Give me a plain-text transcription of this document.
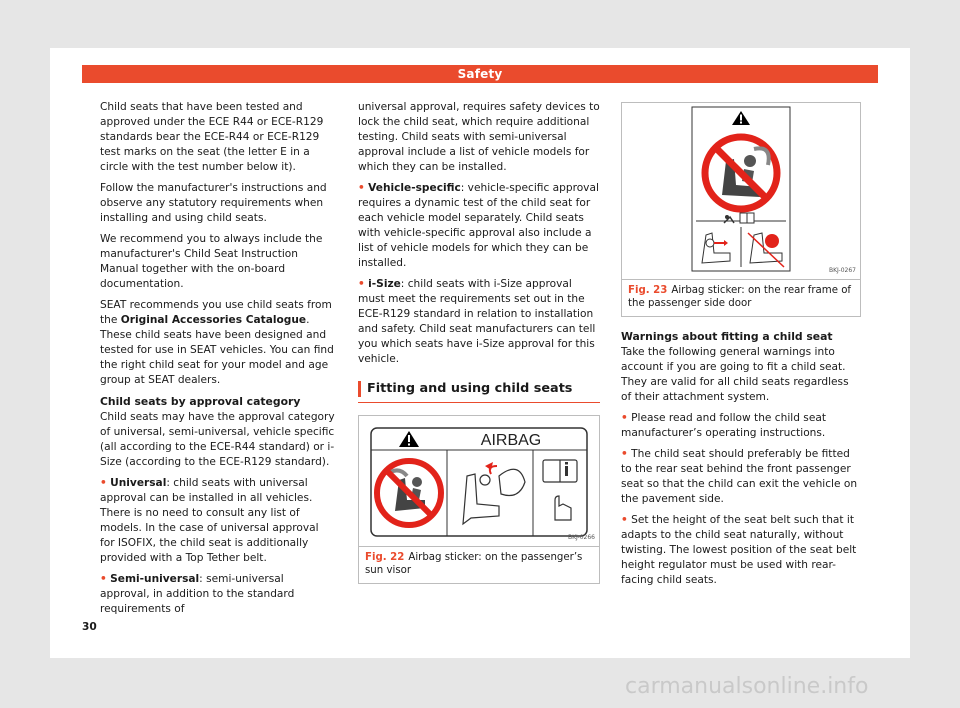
Safety

Child seats that have been tested and approved under the ECE R44 or ECE-R129 standards bear the ECE-R44 or ECE-R129 test marks on the seat (the letter E in a circle with the test number below it).

Follow the manufacturer's instructions and observe any statutory requirements when installing and using child seats.

We recommend you to always include the manufacturer's Child Seat Instruction Manual together with the on-board documentation.

SEAT recommends you use child seats from the Original Accessories Catalogue. These child seats have been designed and tested for use in SEAT vehicles. You can find the right child seat for your model and age group at SEAT dealers.

Child seats by approval category

Child seats may have the approval category of universal, semi-universal, vehicle specific (all according to the ECE-R44 standard) or i-Size (according to the ECE-R129 standard).

• Universal: child seats with universal approval can be installed in all vehicles. There is no need to consult any list of models. In the case of universal approval for ISOFIX, the child seat is additionally provided with a Top Tether belt.

• Semi-universal: semi-universal approval, in addition to the standard requirements of

universal approval, requires safety devices to lock the child seat, which require additional testing. Child seats with semi-universal approval include a list of vehicle models for which they can be installed.

• Vehicle-specific: vehicle-specific approval requires a dynamic test of the child seat for each vehicle model separately. Child seats with vehicle-specific approval also include a list of vehicle models for which they can be installed.

• i-Size: child seats with i-Size approval must meet the requirements set out in the ECE-R129 standard in relation to installation and safety. Child seat manufacturers can tell you which seats have i-Size approval for this vehicle.

Fitting and using child seats
AIRBAG
BKJ-0266
Fig. 22 Airbag sticker: on the passenger’s sun visor
BKJ-0267
Fig. 23 Airbag sticker: on the rear frame of the passenger side door
Warnings about fitting a child seat

Take the following general warnings into account if you are going to fit a child seat. They are valid for all child seats regardless of their attachment system.

• Please read and follow the child seat manufacturer’s operating instructions.

• The child seat should preferably be fitted to the rear seat behind the front passenger seat so that the child can exit the vehicle on the pavement side.

• Set the height of the seat belt such that it adapts to the child seat naturally, without twisting. The lowest position of the seat belt height regulator must be used with rear-facing child seats.

30
carmanualsonline.info
